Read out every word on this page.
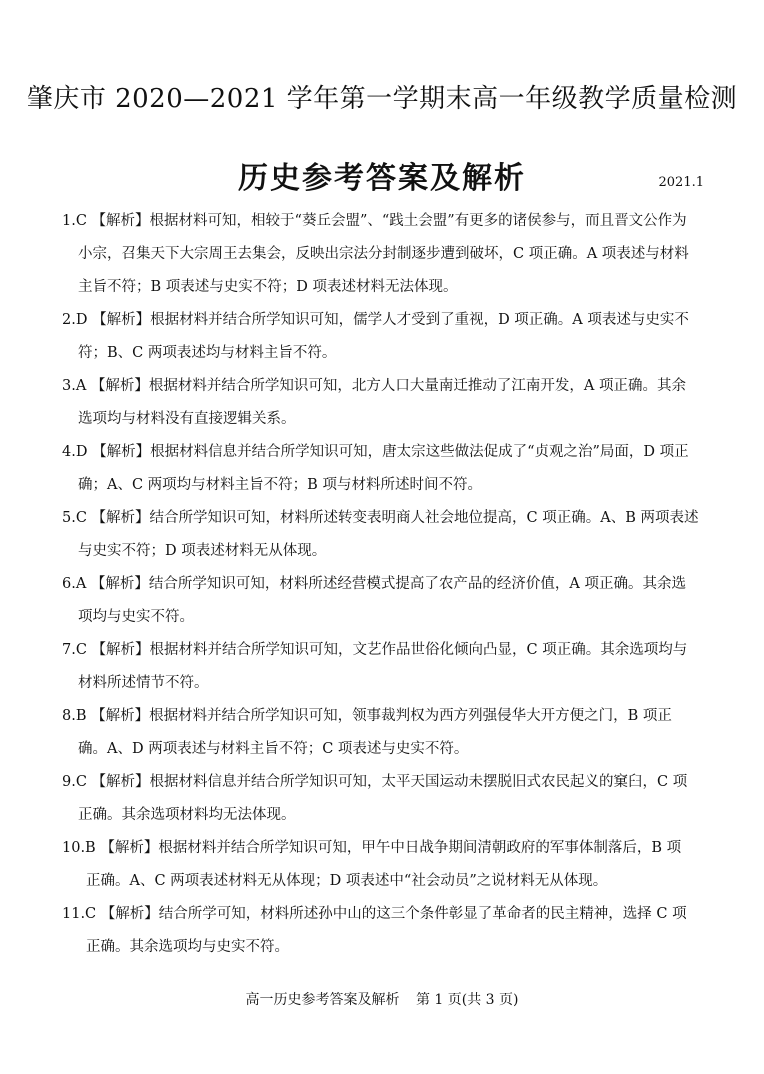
肇庆市 2020—2021 学年第一学期末高一年级教学质量检测
历史参考答案及解析	2021.1
1.C 【解析】根据材料可知，相较于“葵丘会盟”、“践土会盟”有更多的诸侯参与，而且晋文公作为
小宗，召集天下大宗周王去集会，反映出宗法分封制逐步遭到破坏，C 项正确。A 项表述与材料
主旨不符；B 项表述与史实不符；D 项表述材料无法体现。
2.D 【解析】根据材料并结合所学知识可知，儒学人才受到了重视，D 项正确。A 项表述与史实不
符；B、C 两项表述均与材料主旨不符。
3.A 【解析】根据材料并结合所学知识可知，北方人口大量南迁推动了江南开发，A 项正确。其余
选项均与材料没有直接逻辑关系。
4.D 【解析】根据材料信息并结合所学知识可知，唐太宗这些做法促成了“贞观之治”局面，D 项正
确；A、C 两项均与材料主旨不符；B 项与材料所述时间不符。
5.C 【解析】结合所学知识可知，材料所述转变表明商人社会地位提高，C 项正确。A、B 两项表述
与史实不符；D 项表述材料无从体现。
6.A 【解析】结合所学知识可知，材料所述经营模式提高了农产品的经济价值，A 项正确。其余选
项均与史实不符。
7.C 【解析】根据材料并结合所学知识可知，文艺作品世俗化倾向凸显，C 项正确。其余选项均与
材料所述情节不符。
8.B 【解析】根据材料并结合所学知识可知，领事裁判权为西方列强侵华大开方便之门，B 项正
确。A、D 两项表述与材料主旨不符；C 项表述与史实不符。
9.C 【解析】根据材料信息并结合所学知识可知，太平天国运动未摆脱旧式农民起义的窠臼，C 项
正确。其余选项材料均无法体现。
10.B 【解析】根据材料并结合所学知识可知，甲午中日战争期间清朝政府的军事体制落后，B 项
正确。A、C 两项表述材料无从体现；D 项表述中“社会动员”之说材料无从体现。
11.C 【解析】结合所学可知，材料所述孙中山的这三个条件彰显了革命者的民主精神，选择 C 项
正确。其余选项均与史实不符。
高一历史参考答案及解析 第 1 页(共 3 页)
